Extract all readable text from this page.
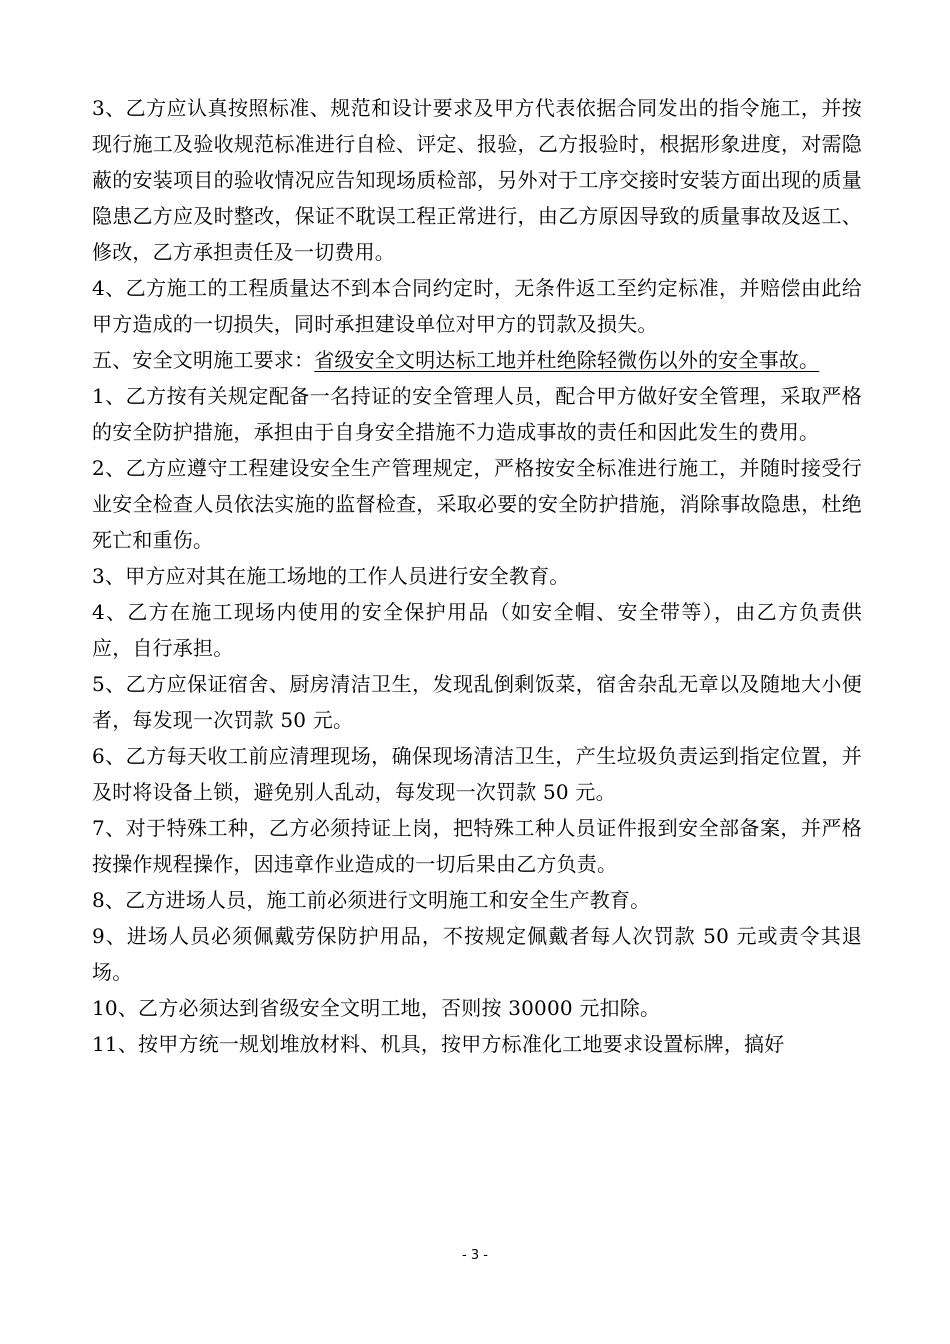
3、乙方应认真按照标准、规范和设计要求及甲方代表依据合同发出的指令施工，并按现行施工及验收规范标准进行自检、评定、报验，乙方报验时，根据形象进度，对需隐蔽的安装项目的验收情况应告知现场质检部，另外对于工序交接时安装方面出现的质量隐患乙方应及时整改，保证不耽误工程正常进行，由乙方原因导致的质量事故及返工、修改，乙方承担责任及一切费用。

4、乙方施工的工程质量达不到本合同约定时，无条件返工至约定标准，并赔偿由此给甲方造成的一切损失，同时承担建设单位对甲方的罚款及损失。

五、安全文明施工要求：省级安全文明达标工地并杜绝除轻微伤以外的安全事故。

1、乙方按有关规定配备一名持证的安全管理人员，配合甲方做好安全管理，采取严格的安全防护措施，承担由于自身安全措施不力造成事故的责任和因此发生的费用。

2、乙方应遵守工程建设安全生产管理规定，严格按安全标准进行施工，并随时接受行业安全检查人员依法实施的监督检查，采取必要的安全防护措施，消除事故隐患，杜绝死亡和重伤。

3、甲方应对其在施工场地的工作人员进行安全教育。

4、乙方在施工现场内使用的安全保护用品（如安全帽、安全带等），由乙方负责供应，自行承担。

5、乙方应保证宿舍、厨房清洁卫生，发现乱倒剩饭菜，宿舍杂乱无章以及随地大小便者，每发现一次罚款 50 元。

6、乙方每天收工前应清理现场，确保现场清洁卫生，产生垃圾负责运到指定位置，并及时将设备上锁，避免别人乱动，每发现一次罚款 50 元。

7、对于特殊工种，乙方必须持证上岗，把特殊工种人员证件报到安全部备案，并严格按操作规程操作，因违章作业造成的一切后果由乙方负责。

8、乙方进场人员，施工前必须进行文明施工和安全生产教育。

9、进场人员必须佩戴劳保防护用品，不按规定佩戴者每人次罚款 50 元或责令其退场。

10、乙方必须达到省级安全文明工地，否则按 30000 元扣除。

11、按甲方统一规划堆放材料、机具，按甲方标准化工地要求设置标牌，搞好

- 3 -
